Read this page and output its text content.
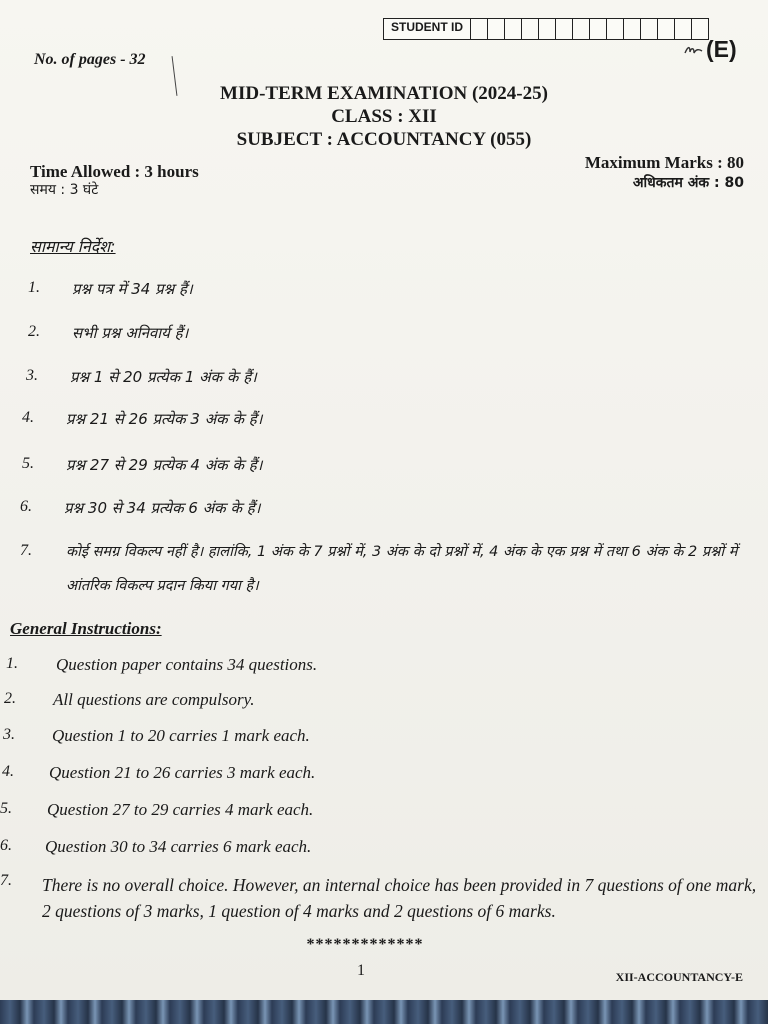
STUDENT ID
No. of pages - 32	(E)
MID-TERM EXAMINATION (2024-25)
CLASS : XII
SUBJECT : ACCOUNTANCY (055)
Time Allowed : 3 hours
समय : 3 घंटे
Maximum Marks : 80
अधिकतम अंक : 80
सामान्य निर्देश:
1. प्रश्न पत्र में 34 प्रश्न हैं।
2. सभी प्रश्न अनिवार्य हैं।
3. प्रश्न 1 से 20 प्रत्येक 1 अंक के हैं।
4. प्रश्न 21 से 26 प्रत्येक 3 अंक के हैं।
5. प्रश्न 27 से 29 प्रत्येक 4 अंक के हैं।
6. प्रश्न 30 से 34 प्रत्येक 6 अंक के हैं।
7. कोई समग्र विकल्प नहीं है। हालांकि, 1 अंक के 7 प्रश्नों में, 3 अंक के दो प्रश्नों में, 4 अंक के एक प्रश्न में तथा 6 अंक के 2 प्रश्नों में आंतरिक विकल्प प्रदान किया गया है।
General Instructions:
1. Question paper contains 34 questions.
2. All questions are compulsory.
3. Question 1 to 20 carries 1 mark each.
4. Question 21 to 26 carries 3 mark each.
5. Question 27 to 29 carries 4 mark each.
6. Question 30 to 34 carries 6 mark each.
7. There is no overall choice. However, an internal choice has been provided in 7 questions of one mark, 2 questions of 3 marks, 1 question of 4 marks and 2 questions of 6 marks.
*************
1	XII-ACCOUNTANCY-E
